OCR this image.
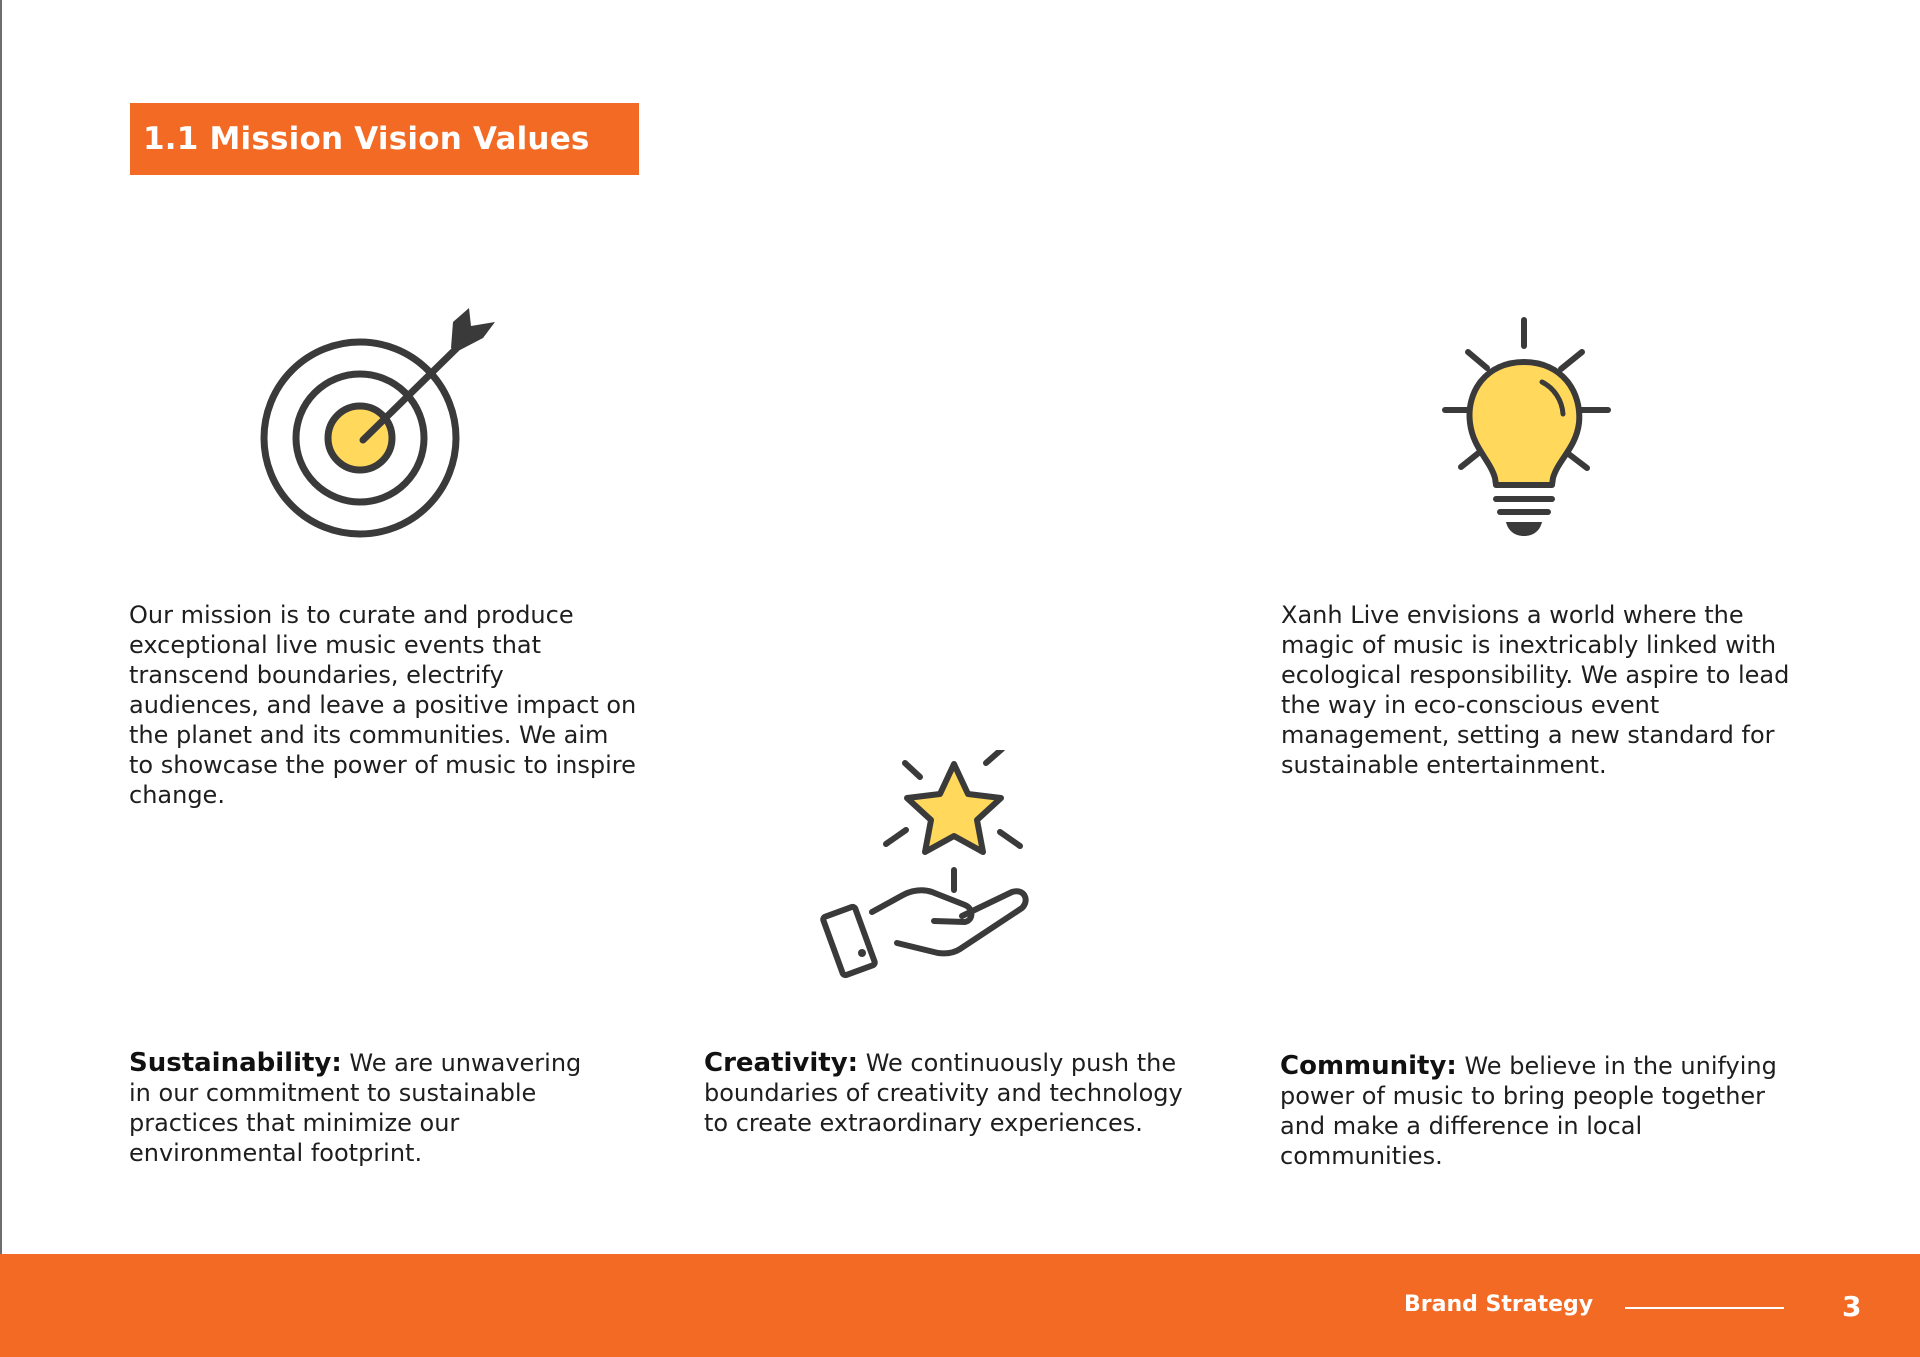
1.1 Mission Vision Values

Our mission is to curate and produce exceptional live music events that transcend boundaries, electrify audiences, and leave a positive impact on the planet and its communities. We aim to showcase the power of music to inspire change.

Xanh Live envisions a world where the magic of music is inextricably linked with ecological responsibility. We aspire to lead the way in eco-conscious event management, setting a new standard for sustainable entertainment.

Sustainability: We are unwavering in our commitment to sustainable practices that minimize our environmental footprint.

Creativity: We continuously push the boundaries of creativity and technology to create extraordinary experiences.

Community: We believe in the unifying power of music to bring people together and make a difference in local communities.

Brand Strategy	3
